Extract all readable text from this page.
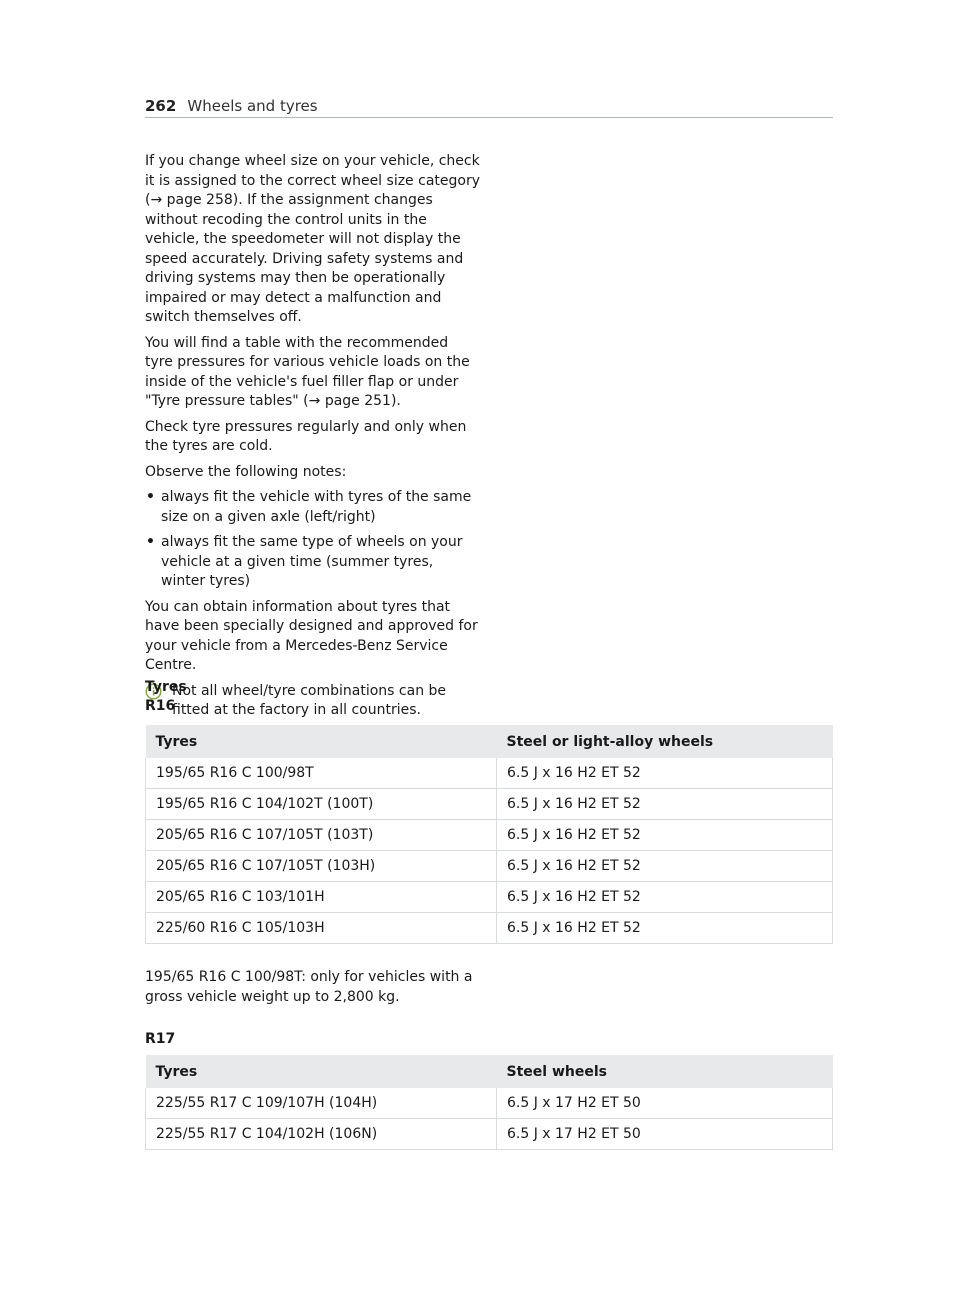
262 Wheels and tyres

If you change wheel size on your vehicle, check it is assigned to the correct wheel size category (→ page 258). If the assignment changes without recoding the control units in the vehicle, the speedometer will not display the speed accurately. Driving safety systems and driving systems may then be operationally impaired or may detect a malfunction and switch themselves off.

You will find a table with the recommended tyre pressures for various vehicle loads on the inside of the vehicle's fuel filler flap or under "Tyre pressure tables" (→ page 251).

Check tyre pressures regularly and only when the tyres are cold.

Observe the following notes:

• always fit the vehicle with tyres of the same size on a given axle (left/right)
• always fit the same type of wheels on your vehicle at a given time (summer tyres, winter tyres)

You can obtain information about tyres that have been specially designed and approved for your vehicle from a Mercedes-Benz Service Centre.

Not all wheel/tyre combinations can be fitted at the factory in all countries.
Tyres
R16
Tyres	Steel or light-alloy wheels
195/65 R16 C 100/98T	6.5 J x 16 H2 ET 52
195/65 R16 C 104/102T (100T)	6.5 J x 16 H2 ET 52
205/65 R16 C 107/105T (103T)	6.5 J x 16 H2 ET 52
205/65 R16 C 107/105T (103H)	6.5 J x 16 H2 ET 52
205/65 R16 C 103/101H	6.5 J x 16 H2 ET 52
225/60 R16 C 105/103H	6.5 J x 16 H2 ET 52
195/65 R16 C 100/98T: only for vehicles with a gross vehicle weight up to 2,800 kg.
R17
Tyres	Steel wheels
225/55 R17 C 109/107H (104H)	6.5 J x 17 H2 ET 50
225/55 R17 C 104/102H (106N)	6.5 J x 17 H2 ET 50
